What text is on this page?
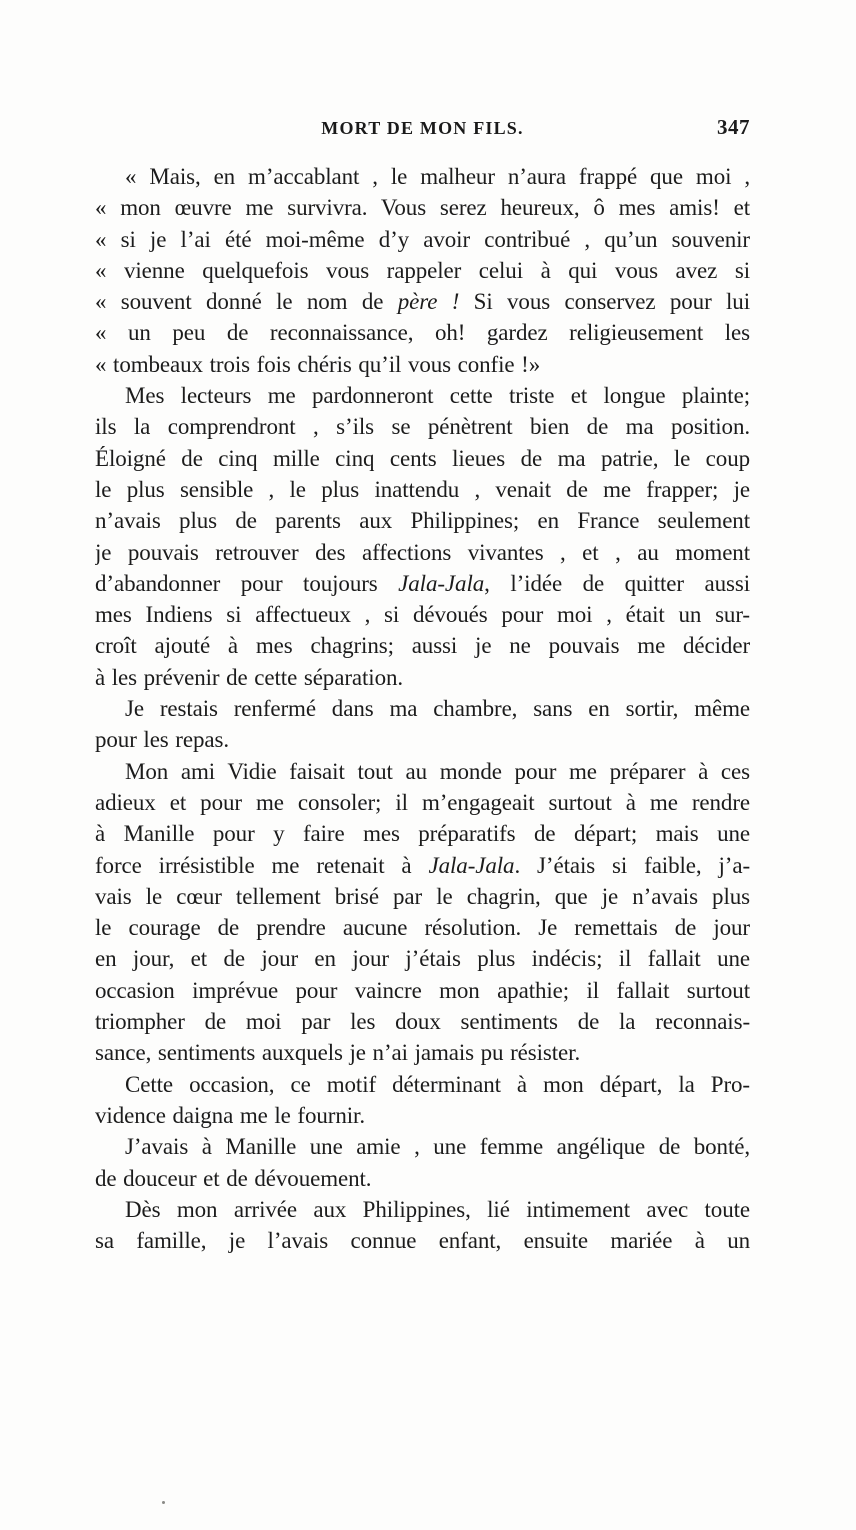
MORT DE MON FILS.	347
« Mais, en m’accablant , le malheur n’aura frappé que moi ,
« mon œuvre me survivra. Vous serez heureux, ô mes amis! et
« si je l’ai été moi-même d’y avoir contribué , qu’un souvenir
« vienne quelquefois vous rappeler celui à qui vous avez si
« souvent donné le nom de père ! Si vous conservez pour lui
« un peu de reconnaissance, oh! gardez religieusement les
« tombeaux trois fois chéris qu’il vous confie !»
Mes lecteurs me pardonneront cette triste et longue plainte;
ils la comprendront , s’ils se pénètrent bien de ma position.
Éloigné de cinq mille cinq cents lieues de ma patrie, le coup
le plus sensible , le plus inattendu , venait de me frapper; je
n’avais plus de parents aux Philippines; en France seulement
je pouvais retrouver des affections vivantes , et , au moment
d’abandonner pour toujours Jala-Jala, l’idée de quitter aussi
mes Indiens si affectueux , si dévoués pour moi , était un sur-
croît ajouté à mes chagrins; aussi je ne pouvais me décider
à les prévenir de cette séparation.
Je restais renfermé dans ma chambre, sans en sortir, même
pour les repas.
Mon ami Vidie faisait tout au monde pour me préparer à ces
adieux et pour me consoler; il m’engageait surtout à me rendre
à Manille pour y faire mes préparatifs de départ; mais une
force irrésistible me retenait à Jala-Jala. J’étais si faible, j’a-
vais le cœur tellement brisé par le chagrin, que je n’avais plus
le courage de prendre aucune résolution. Je remettais de jour
en jour, et de jour en jour j’étais plus indécis; il fallait une
occasion imprévue pour vaincre mon apathie; il fallait surtout
triompher de moi par les doux sentiments de la reconnais-
sance, sentiments auxquels je n’ai jamais pu résister.
Cette occasion, ce motif déterminant à mon départ, la Pro-
vidence daigna me le fournir.
J’avais à Manille une amie , une femme angélique de bonté,
de douceur et de dévouement.
Dès mon arrivée aux Philippines, lié intimement avec toute
sa famille, je l’avais connue enfant, ensuite mariée à un
